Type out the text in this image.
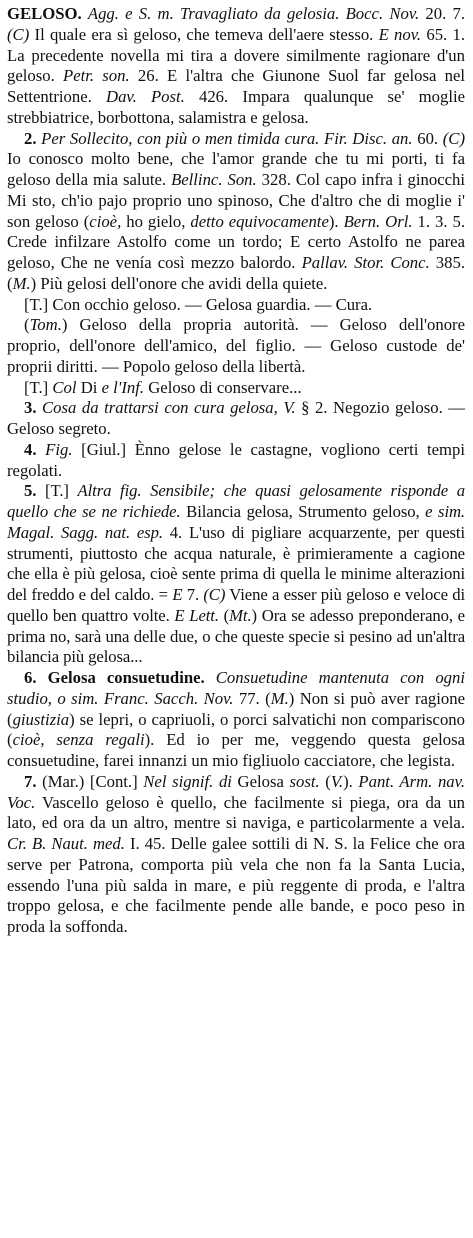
GELOSO. Agg. e S. m. Travagliato da gelosia. Bocc. Nov. 20. 7. (C) Il quale era sì geloso, che temeva dell'aere stesso. E nov. 65. 1. La precedente novella mi tira a dovere similmente ragionare d'un geloso. Petr. son. 26. E l'altra che Giunone Suol far gelosa nel Settentrione. Dav. Post. 426. Impara qualunque se' moglie strebbiatrice, borbottona, salamistra e gelosa.

2. Per Sollecito, con più o men timida cura. Fir. Disc. an. 60. (C) Io conosco molto bene, che l'amor grande che tu mi porti, ti fa geloso della mia salute. Bellinc. Son. 328. Col capo infra i ginocchi Mi sto, ch'io pajo proprio uno spinoso, Che d'altro che di moglie i' son geloso (cioè, ho gielo, detto equivocamente). Bern. Orl. 1. 3. 5. Crede infilzare Astolfo come un tordo; E certo Astolfo ne parea geloso, Che ne venía così mezzo balordo. Pallav. Stor. Conc. 385. (M.) Più gelosi dell'onore che avidi della quiete.

[T.] Con occhio geloso. — Gelosa guardia. — Cura.

(Tom.) Geloso della propria autorità. — Geloso dell'onore proprio, dell'onore dell'amico, del figlio. — Geloso custode de' proprii diritti. — Popolo geloso della libertà.

[T.] Col Di e l'Inf. Geloso di conservare...

3. Cosa da trattarsi con cura gelosa, V. § 2. Negozio geloso. — Geloso segreto.

4. Fig. [Giul.] Ènno gelose le castagne, vogliono certi tempi regolati.

5. [T.] Altra fig. Sensibile; che quasi gelosamente risponde a quello che se ne richiede. Bilancia gelosa, Strumento geloso, e sim. Magal. Sagg. nat. esp. 4. L'uso di pigliare acquarzente, per questi strumenti, piuttosto che acqua naturale, è primieramente a cagione che ella è più gelosa, cioè sente prima di quella le minime alterazioni del freddo e del caldo. = E 7. (C) Viene a esser più geloso e veloce di quello ben quattro volte. E Lett. (Mt.) Ora se adesso preponderano, e prima no, sarà una delle due, o che queste specie si pesino ad un'altra bilancia più gelosa...

6. Gelosa consuetudine. Consuetudine mantenuta con ogni studio, o sim. Franc. Sacch. Nov. 77. (M.) Non si può aver ragione (giustizia) se lepri, o capriuoli, o porci salvatichi non compariscono (cioè, senza regali). Ed io per me, veggendo questa gelosa consuetudine, farei innanzi un mio figliuolo cacciatore, che legista.

7. (Mar.) [Cont.] Nel signif. di Gelosa sost. (V.). Pant. Arm. nav. Voc. Vascello geloso è quello, che facilmente si piega, ora da un lato, ed ora da un altro, mentre si naviga, e particolarmente a vela. Cr. B. Naut. med. I. 45. Delle galee sottili di N. S. la Felice che ora serve per Patrona, comporta più vela che non fa la Santa Lucia, essendo l'una più salda in mare, e più reggente di proda, e l'altra troppo gelosa, e che facilmente pende alle bande, e poco peso in proda la soffonda.
